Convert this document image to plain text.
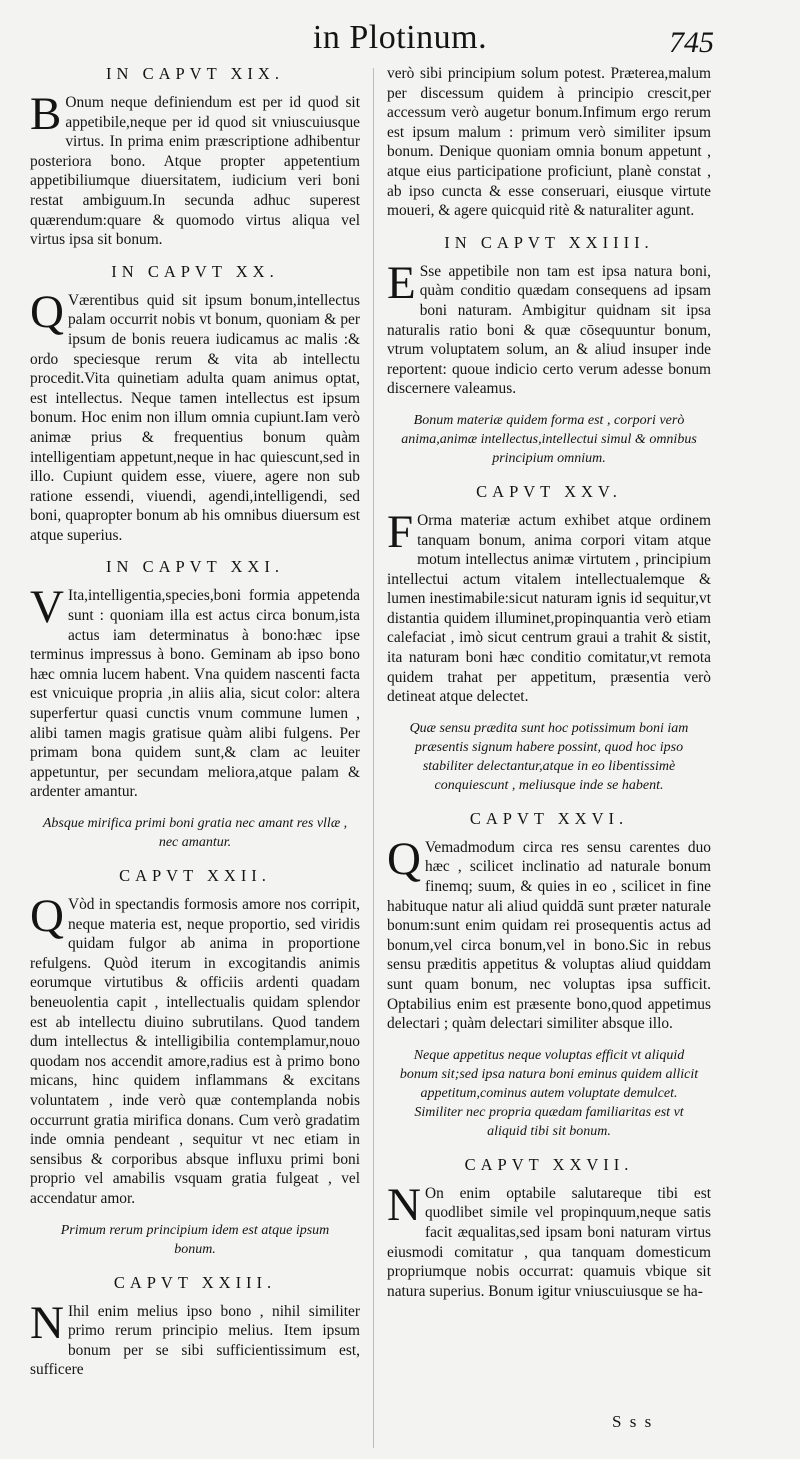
in Plotinum.	745
IN CAPVT XIX.

B Onum neque definiendum est per id quod sit appetibile,neque per id quod sit vniuscuiusque virtus. In prima enim præscriptione adhibentur posteriora bono. Atque propter appetentium appetibiliumque diuersitatem, iudicium veri boni restat ambiguum.In secunda adhuc superest quærendum:quare & quomodo virtus aliqua vel virtus ipsa sit bonum.

IN CAPVT XX.

Q Værentibus quid sit ipsum bonum,intellectus palam occurrit nobis vt bonum, quoniam & per ipsum de bonis reuera iudicamus ac malis :& ordo speciesque rerum & vita ab intellectu procedit.Vita quinetiam adulta quam animus optat, est intellectus. Neque tamen intellectus est ipsum bonum. Hoc enim non illum omnia cupiunt.Iam verò animæ prius & frequentius bonum quàm intelligentiam appetunt,neque in hac quiescunt,sed in illo. Cupiunt quidem esse, viuere, agere non sub ratione essendi, viuendi, agendi,intelligendi, sed boni, quapropter bonum ab his omnibus diuersum est atque superius.

IN CAPVT XXI.

V Ita,intelligentia,species,boni formia appetenda sunt : quoniam illa est actus circa bonum,ista actus iam determinatus à bono:hæc ipse terminus impressus à bono. Geminam ab ipso bono hæc omnia lucem habent. Vna quidem nascenti facta est vnicuique propria ,in aliis alia, sicut color: altera superfertur quasi cunctis vnum commune lumen , alibi tamen magis gratisue quàm alibi fulgens. Per primam bona quidem sunt,& clam ac leuiter appetuntur, per secundam meliora,atque palam & ardenter amantur.

Absque mirifica primi boni gratia nec amant res vllæ , nec amantur.

CAPVT XXII.

Q Vòd in spectandis formosis amore nos corripit, neque materia est, neque proportio, sed viridis quidam fulgor ab anima in proportione refulgens. Quòd iterum in excogitandis animis eorumque virtutibus & officiis ardenti quadam beneuolentia capit , intellectualis quidam splendor est ab intellectu diuino subrutilans. Quod tandem dum intellectus & intelligibilia contemplamur,nouo quodam nos accendit amore,radius est à primo bono micans, hinc quidem inflammans & excitans voluntatem , inde verò quæ contemplanda nobis occurrunt gratia mirifica donans. Cum verò gradatim inde omnia pendeant , sequitur vt nec etiam in sensibus & corporibus absque influxu primi boni proprio vel amabilis vsquam gratia fulgeat , vel accendatur amor.

Primum rerum principium idem est atque ipsum bonum.

CAPVT XXIII.

N Ihil enim melius ipso bono , nihil similiter primo rerum principio melius. Item ipsum bonum per se sibi sufficientissimum est, sufficere

verò sibi principium solum potest. Præterea,malum per discessum quidem à principio crescit,per accessum verò augetur bonum.Infimum ergo rerum est ipsum malum : primum verò similiter ipsum bonum. Denique quoniam omnia bonum appetunt , atque eius participatione proficiunt, planè constat , ab ipso cuncta & esse conseruari, eiusque virtute moueri, & agere quicquid ritè & naturaliter agunt.

IN CAPVT XXIIII.

E Sse appetibile non tam est ipsa natura boni, quàm conditio quædam consequens ad ipsam boni naturam. Ambigitur quidnam sit ipsa naturalis ratio boni & quæ cōsequuntur bonum, vtrum voluptatem solum, an & aliud insuper inde reportent: quoue indicio certo verum adesse bonum discernere valeamus.

Bonum materiæ quidem forma est , corpori verò anima,animæ intellectus,intellectui simul & omnibus principium omnium.

CAPVT XXV.

F Orma materiæ actum exhibet atque ordinem tanquam bonum, anima corpori vitam atque motum intellectus animæ virtutem , principium intellectui actum vitalem intellectualemque & lumen inestimabile:sicut naturam ignis id sequitur,vt distantia quidem illuminet,propinquantia verò etiam calefaciat , imò sicut centrum graui a trahit & sistit, ita naturam boni hæc conditio comitatur,vt remota quidem trahat per appetitum, præsentia verò detineat atque delectet.

Quæ sensu prædita sunt hoc potissimum boni iam præsentis signum habere possint, quod hoc ipso stabiliter delectantur,atque in eo libentissimè conquiescunt , meliusque inde se habent.

CAPVT XXVI.

Q Vemadmodum circa res sensu carentes duo hæc , scilicet inclinatio ad naturale bonum finemq; suum, & quies in eo , scilicet in fine habituque natur ali aliud quiddā sunt præter naturale bonum:sunt enim quidam rei prosequentis actus ad bonum,vel circa bonum,vel in bono.Sic in rebus sensu præditis appetitus & voluptas aliud quiddam sunt quam bonum, nec voluptas ipsa sufficit. Optabilius enim est præsente bono,quod appetimus delectari ; quàm delectari similiter absque illo.

Neque appetitus neque voluptas efficit vt aliquid bonum sit;sed ipsa natura boni eminus quidem allicit appetitum,cominus autem voluptate demulcet. Similiter nec propria quædam familiaritas est vt aliquid tibi sit bonum.

CAPVT XXVII.

N On enim optabile salutareque tibi est quodlibet simile vel propinquum,neque satis facit æqualitas,sed ipsam boni naturam virtus eiusmodi comitatur , qua tanquam domesticum propriumque nobis occurrat: quamuis vbique sit natura superius. Bonum igitur vniuscuiusque se ha-

S s s
